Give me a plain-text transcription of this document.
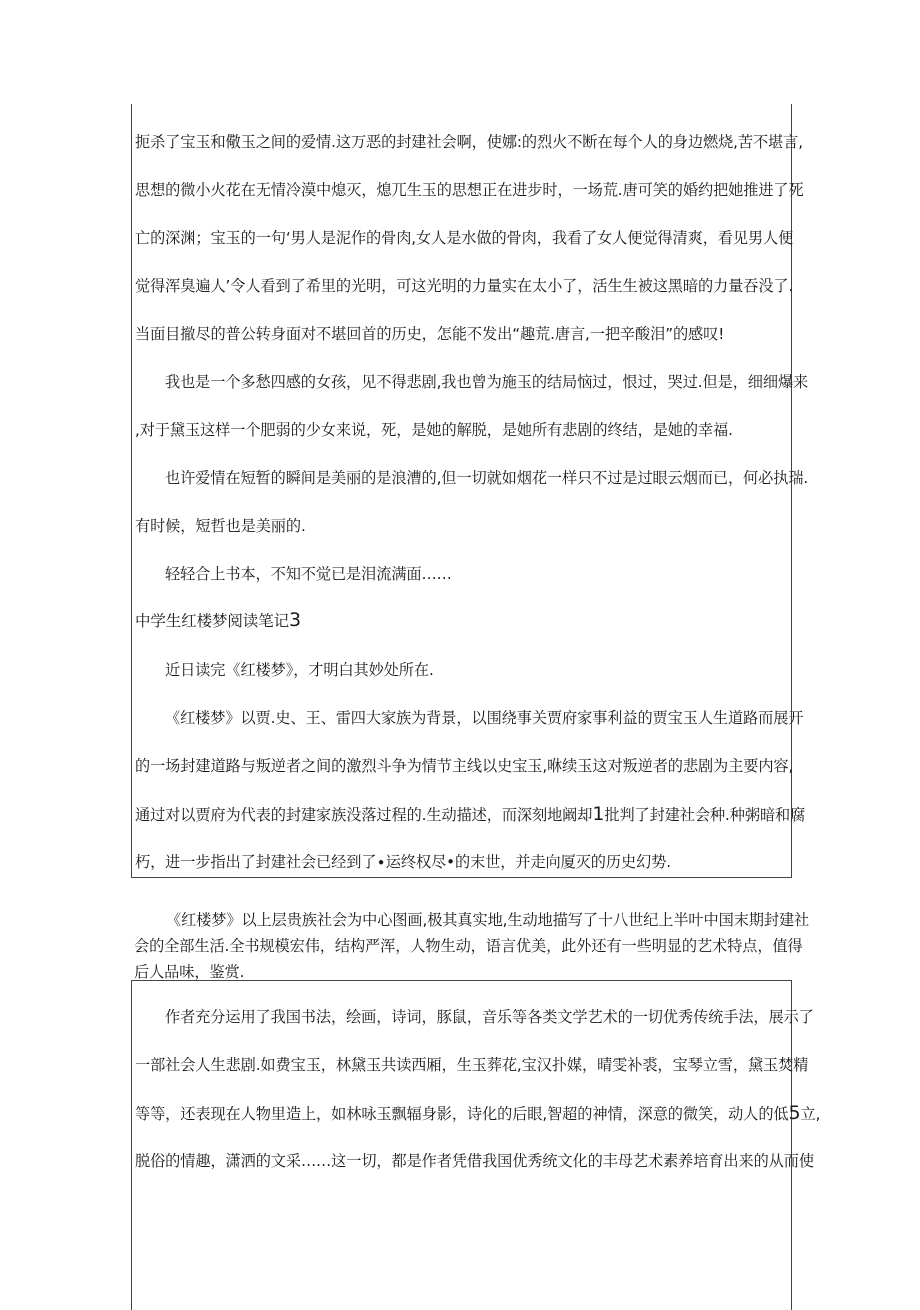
扼杀了宝玉和儆玉之间的爱情.这万恶的封建社会啊，使娜:的烈火不断在每个人的身边燃烧,苦不堪言,
思想的微小火花在无情冷漠中熄灭，熄兀生玉的思想正在进步时，一场荒.唐可笑的婚约把她推进了死
亡的深渊；宝玉的一句‘男人是泥作的骨肉,女人是水做的骨肉，我看了女人便觉得清爽，看见男人便
觉得浑臭遍人’令人看到了希里的光明，可这光明的力量实在太小了，活生生被这黑暗的力量吞没了.
当面目撤尽的普公转身面对不堪回首的历史，怎能不发出“趣荒.唐言,一把辛酸泪”的感叹!
我也是一个多愁四感的女孩，见不得悲剧,我也曾为施玉的结局恼过，恨过，哭过.但是，细细爆来
,对于黛玉这样一个肥弱的少女来说，死，是她的解脱，是她所有悲剧的终结，是她的幸福.
也许爱情在短暂的瞬间是美丽的是浪漕的,但一切就如烟花一样只不过是过眼云烟而已，何必执瑞.
有时候，短哲也是美丽的.
轻轻合上书本，不知不觉已是泪流满面……
中学生红楼梦阅读笔记3
近日读完《红楼梦》，才明白其妙处所在.
《红楼梦》以贾.史、王、雷四大家族为背景，以围绕事关贾府家事利益的贾宝玉人生道路而展开
的一场封建道路与叛逆者之间的激烈斗争为情节主线以史宝玉,咻续玉这对叛逆者的悲剧为主要内容,
通过对以贾府为代表的封建家族没落过程的.生动描述，而深刻地阚却1批判了封建社会种.种粥暗和腐
朽，进一步指出了封建社会已经到了∙运终权尽•的末世，并走向厦灭的历史幻势.
《红楼梦》以上层贵族社会为中心图画,极其真实地,生动地描写了十八世纪上半叶中国末期封建社
会的全部生活.全书规模宏伟，结构严浑，人物生动，语言优美，此外还有一些明显的艺术特点，值得
后人品味，鉴赏.
作者充分运用了我国书法，绘画，诗词，豚鼠，音乐等各类文学艺术的一切优秀传统手法，展示了
一部社会人生悲剧.如费宝玉，林黛玉共读西厢，生玉葬花,宝汉扑媒，晴雯补裘，宝琴立雪，黛玉焚精
等等，还表现在人物里造上，如林咏玉飘辐身影，诗化的后眼,智超的神情，深意的微笑，动人的低5立,
脱俗的情趣，潇洒的文采……这一切，都是作者凭借我国优秀统文化的丰母艺术素养培育出来的从而使
